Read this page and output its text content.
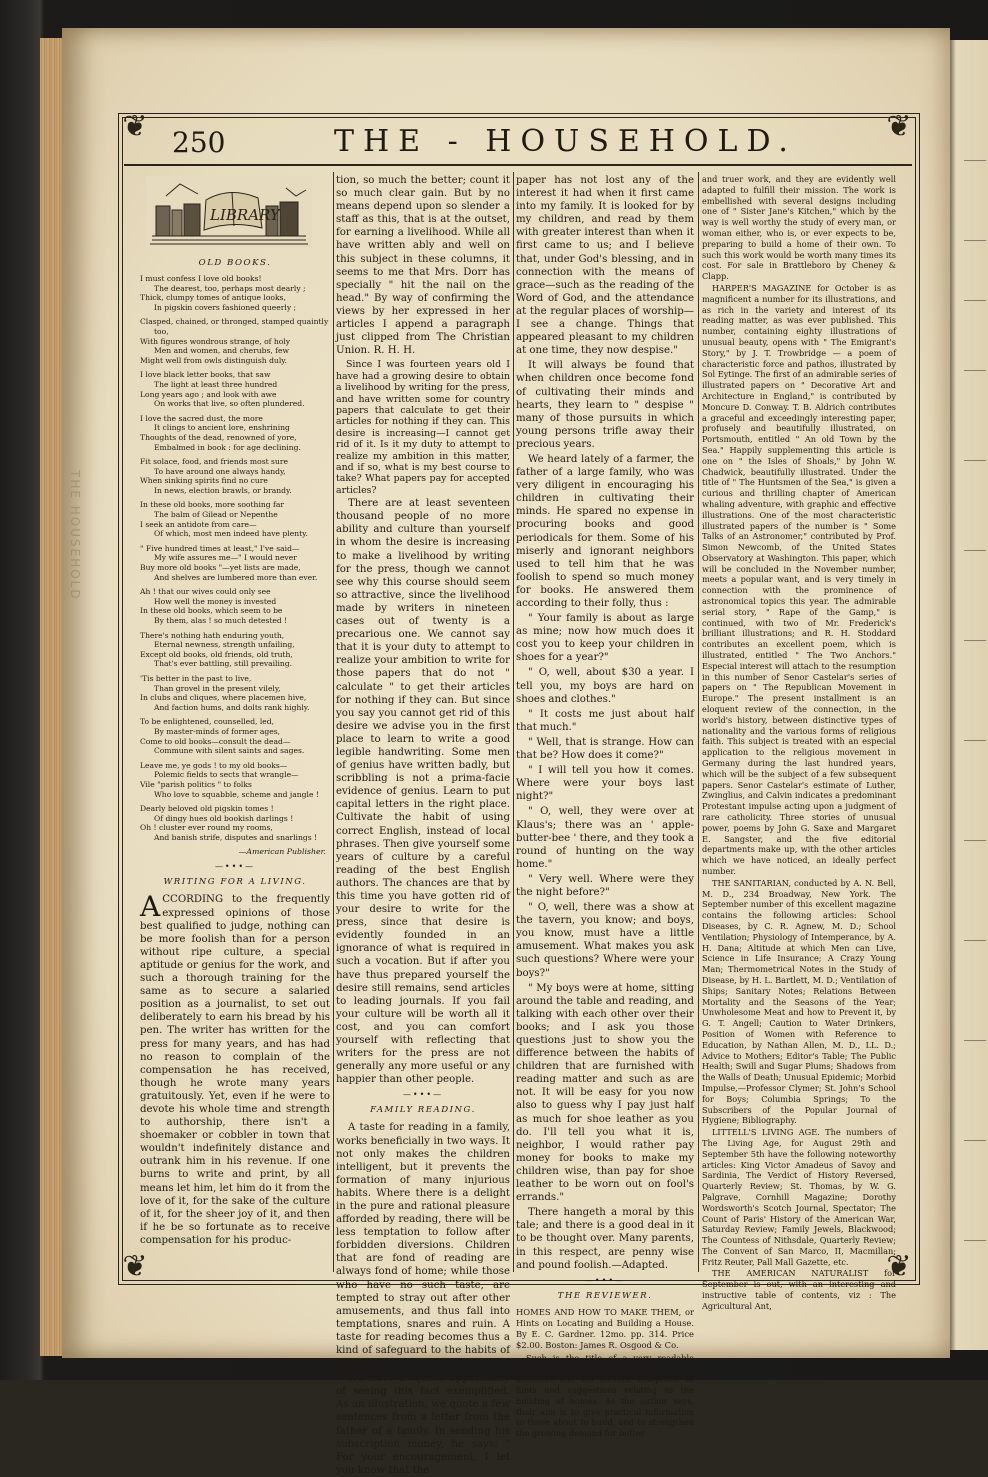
THE HOUSEHOLD
❦	❦
❦	❦
250	THE - HOUSEHOLD.
LIBRARY
OLD BOOKS.

I must confess I love old books!

The dearest, too, perhaps most dearly ;

Thick, clumpy tomes of antique looks,

In pigskin covers fashioned queerly ;

Clasped, chained, or thronged, stamped quaintly

too,

With figures wondrous strange, of holy

Men and women, and cherubs, few

Might well from owls distinguish duly.

I love black letter books, that saw

The light at least three hundred

Long years ago ; and look with awe

On works that live, so often plundered.

I love the sacred dust, the more

It clings to ancient lore, enshrining

Thoughts of the dead, renowned of yore,

Embalmed in book : for age declining.

Fit solace, food, and friends most sure

To have around one always handy,

When sinking spirits find no cure

In news, election brawls, or brandy.

In these old books, more soothing far

The balm of Gilead or Nepenthe

I seek an antidote from care—

Of which, most men indeed have plenty.

" Five hundred times at least," I've said—

My wife assures me—" I would never

Buy more old books "—yet lists are made,

And shelves are lumbered more than ever.

Ah ! that our wives could only see

How well the money is invested

In these old books, which seem to be

By them, alas ! so much detested !

There's nothing hath enduring youth,

Eternal newness, strength unfailing,

Except old books, old friends, old truth,

That's ever battling, still prevailing.

'Tis better in the past to live,

Than grovel in the present vilely,

In clubs and cliques, where placemen hive,

And faction hums, and dolts rank highly.

To be enlightened, counselled, led,

By master-minds of former ages,

Come to old books—consult the dead—

Commune with silent saints and sages.

Leave me, ye gods ! to my old books—

Polemic fields to sects that wrangle—

Vile "parish politics " to folks

Who love to squabble, scheme and jangle !

Dearly beloved old pigskin tomes !

Of dingy hues old bookish darlings !

Oh ! cluster ever round my rooms,

And banish strife, disputes and snarlings !

—American Publisher.
—•••—
WRITING FOR A LIVING.

ACCORDING to the frequently expressed opinions of those best qualified to judge, nothing can be more foolish than for a person without ripe culture, a special aptitude or genius for the work, and such a thorough training for the same as to secure a salaried position as a journalist, to set out deliberately to earn his bread by his pen. The writer has written for the press for many years, and has had no reason to complain of the compensation he has received, though he wrote many years gratuitously. Yet, even if he were to devote his whole time and strength to authorship, there isn't a shoemaker or cobbler in town that wouldn't indefinitely distance and outrank him in his revenue. If one burns to write and print, by all means let him, let him do it from the love of it, for the sake of the culture of it, for the sheer joy of it, and then if he be so fortunate as to receive compensation for his produc-

tion, so much the better; count it so much clear gain. But by no means depend upon so slender a staff as this, that is at the outset, for earning a livelihood. While all have written ably and well on this subject in these columns, it seems to me that Mrs. Dorr has specially " hit the nail on the head." By way of confirming the views by her expressed in her articles I append a paragraph just clipped from The Christian Union. R. H. H.

Since I was fourteen years old I have had a growing desire to obtain a livelihood by writing for the press, and have written some for country papers that calculate to get their articles for nothing if they can. This desire is increasing—I cannot get rid of it. Is it my duty to attempt to realize my ambition in this matter, and if so, what is my best course to take? What papers pay for accepted articles?

There are at least seventeen thousand people of no more ability and culture than yourself in whom the desire is increasing to make a livelihood by writing for the press, though we cannot see why this course should seem so attractive, since the livelihood made by writers in nineteen cases out of twenty is a precarious one. We cannot say that it is your duty to attempt to realize your ambition to write for those papers that do not " calculate " to get their articles for nothing if they can. But since you say you cannot get rid of this desire we advise you in the first place to learn to write a good legible handwriting. Some men of genius have written badly, but scribbling is not a prima-facie evidence of genius. Learn to put capital letters in the right place. Cultivate the habit of using correct English, instead of local phrases. Then give yourself some years of culture by a careful reading of the best English authors. The chances are that by this time you have gotten rid of your desire to write for the press, since that desire is evidently founded in an ignorance of what is required in such a vocation. But if after you have thus prepared yourself the desire still remains, send articles to leading journals. If you fail your culture will be worth all it cost, and you can comfort yourself with reflecting that writers for the press are not generally any more useful or any happier than other people.

—•••—
FAMILY READING.

A taste for reading in a family, works beneficially in two ways. It not only makes the children intelligent, but it prevents the formation of many injurious habits. Where there is a delight in the pure and rational pleasure afforded by reading, there will be less temptation to follow after forbidden diversions. Children that are fond of reading are always fond of home; while those who have no such taste, are tempted to stray out after other amusements, and thus fall into temptations, snares and ruin. A taste for reading becomes thus a kind of safeguard to the habits of children.

We have frequent opportunity of seeing this fact exemplified. As an illustration, we quote a few sentences from a letter from the father of a family. In sending his subscription money, he says: " For your encouragement, I let you know that the

paper has not lost any of the interest it had when it first came into my family. It is looked for by my children, and read by them with greater interest than when it first came to us; and I believe that, under God's blessing, and in connection with the means of grace—such as the reading of the Word of God, and the attendance at the regular places of worship—I see a change. Things that appeared pleasant to my children at one time, they now despise."

It will always be found that when children once become fond of cultivating their minds and hearts, they learn to " despise " many of those pursuits in which young persons trifle away their precious years.

We heard lately of a farmer, the father of a large family, who was very diligent in encouraging his children in cultivating their minds. He spared no expense in procuring books and good periodicals for them. Some of his miserly and ignorant neighbors used to tell him that he was foolish to spend so much money for books. He answered them according to their folly, thus :

" Your family is about as large as mine; now how much does it cost you to keep your children in shoes for a year?"

" O, well, about $30 a year. I tell you, my boys are hard on shoes and clothes."

" It costs me just about half that much."

" Well, that is strange. How can that be? How does it come?"

" I will tell you how it comes. Where were your boys last night?"

" O, well, they were over at Klaus's; there was an ' apple-butter-bee ' there, and they took a round of hunting on the way home."

" Very well. Where were they the night before?"

" O, well, there was a show at the tavern, you know; and boys, you know, must have a little amusement. What makes you ask such questions? Where were your boys?"

" My boys were at home, sitting around the table and reading, and talking with each other over their books; and I ask you those questions just to show you the difference between the habits of children that are furnished with reading matter and such as are not. It will be easy for you now also to guess why I pay just half as much for shoe leather as you do. I'll tell you what it is, neighbor, I would rather pay money for books to make my children wise, than pay for shoe leather to be worn out on fool's errands."

There hangeth a moral by this tale; and there is a good deal in it to be thought over. Many parents, in this respect, are penny wise and pound foolish.—Adapted.

—•••—
THE REVIEWER.

HOMES AND HOW TO MAKE THEM, or Hints on Locating and Building a House. By E. C. Gardner. 12mo. pp. 314. Price $2.00. Boston: James R. Osgood & Co.

Such is the title of a very readable volume consisting of letters between an architect and his friends, composed of hints and suggestions relating to the building of homes. As the author says, their aim is to give practical information to those about to build, and to strengthen the growing demand for better

and truer work, and they are evidently well adapted to fulfill their mission. The work is embellished with several designs including one of " Sister Jane's Kitchen," which by the way is well worthy the study of every man, or woman either, who is, or ever expects to be, preparing to build a home of their own. To such this work would be worth many times its cost. For sale in Brattleboro by Cheney & Clapp.

HARPER'S MAGAZINE for October is as magnificent a number for its illustrations, and as rich in the variety and interest of its reading matter, as was ever published. This number, containing eighty illustrations of unusual beauty, opens with " The Emigrant's Story," by J. T. Trowbridge — a poem of characteristic force and pathos, illustrated by Sol Eytinge. The first of an admirable series of illustrated papers on " Decorative Art and Architecture in England," is contributed by Moncure D. Conway. T. B. Aldrich contributes a graceful and exceedingly interesting paper, profusely and beautifully illustrated, on Portsmouth, entitled " An old Town by the Sea." Happily supplementing this article is one on " the Isles of Shoals," by John W. Chadwick, beautifully illustrated. Under the title of " The Huntsmen of the Sea," is given a curious and thrilling chapter of American whaling adventure, with graphic and effective illustrations. One of the most characteristic illustrated papers of the number is " Some Talks of an Astronomer," contributed by Prof. Simon Newcomb, of the United States Observatory at Washington. This paper, which will be concluded in the November number, meets a popular want, and is very timely in connection with the prominence of astronomical topics this year. The admirable serial story, " Rape of the Gamp," is continued, with two of Mr. Frederick's brilliant illustrations; and R. H. Stoddard contributes an excellent poem, which is illustrated, entitled " The Two Anchors." Especial interest will attach to the resumption in this number of Senor Castelar's series of papers on " The Republican Movement in Europe." The present installment is an eloquent review of the connection, in the world's history, between distinctive types of nationality and the various forms of religious faith. This subject is treated with an especial application to the religious movement in Germany during the last hundred years, which will be the subject of a few subsequent papers. Senor Castelar's estimate of Luther, Zwinglius, and Calvin indicates a predominant Protestant impulse acting upon a judgment of rare catholicity. Three stories of unusual power, poems by John G. Saxe and Margaret E. Sangster, and the five editorial departments make up, with the other articles which we have noticed, an ideally perfect number.

THE SANITARIAN, conducted by A. N. Bell, M. D., 234 Broadway, New York. The September number of this excellent magazine contains the following articles: School Diseases, by C. R. Agnew, M. D.; School Ventilation; Physiology of Intemperance, by A. H. Dana; Altitude at which Men can Live, Science in Life Insurance; A Crazy Young Man; Thermometrical Notes in the Study of Disease, by H. L. Bartlett, M. D.; Ventilation of Ships; Sanitary Notes; Relations Between Mortality and the Seasons of the Year; Unwholesome Meat and how to Prevent it, by G. T. Angell; Caution to Water Drinkers, Position of Women with Reference to Education, by Nathan Allen, M. D., LL. D.; Advice to Mothers; Editor's Table; The Public Health; Swill and Sugar Plums; Shadows from the Walls of Death; Unusual Epidemic; Morbid Impulse,—Professor Clymer; St. John's School for Boys; Columbia Springs; To the Subscribers of the Popular Journal of Hygiene; Bibliography.

LITTELL'S LIVING AGE. The numbers of The Living Age, for August 29th and September 5th have the following noteworthy articles: King Victor Amadeus of Savoy and Sardinia, The Verdict of History Reversed, Quarterly Review; St. Thomas, by W. G. Palgrave, Cornhill Magazine; Dorothy Wordsworth's Scotch Journal, Spectator; The Count of Paris' History of the American War, Saturday Review; Family Jewels, Blackwood; The Countess of Nithsdale, Quarterly Review; The Convent of San Marco, II, Macmillan; Fritz Reuter, Pall Mall Gazette, etc.

THE AMERICAN NATURALIST for September is out, with an interesting and instructive table of contents, viz : The Agricultural Ant,
